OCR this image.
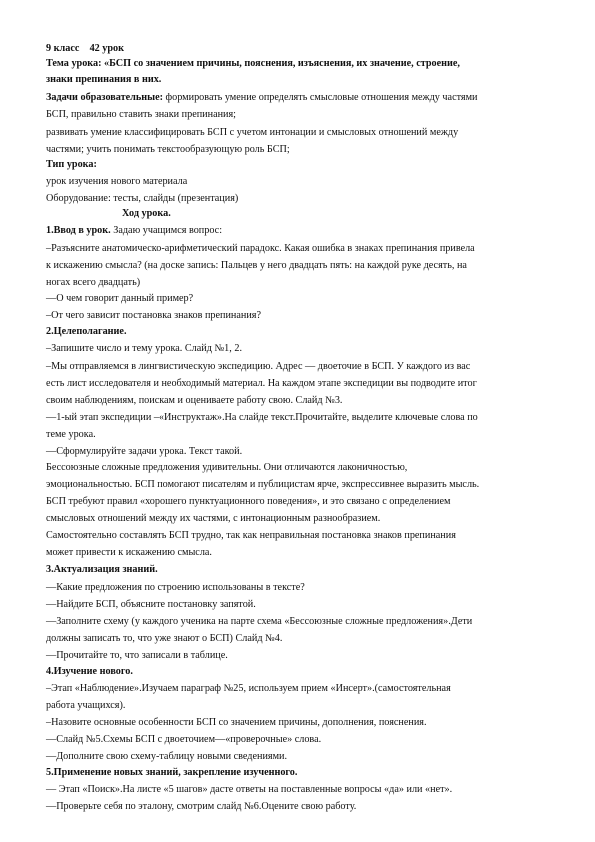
9 класс 42 урок
Тема урока: «БСП со значением причины, пояснения, изъяснения, их значение, строение,
знаки препинания в них.
Задачи образовательные: формировать умение определять смысловые отношения между частями
БСП, правильно ставить знаки препинания;
развивать умение классифицировать БСП с учетом интонации и смысловых отношений между
частями; учить понимать текстообразующую роль БСП;
Тип урока:
урок изучения нового материала
Оборудование: тесты, слайды (презентация)
Ход урока.
1.Ввод в урок. Задаю учащимся вопрос:
–Разъясните анатомическо-арифметический парадокс. Какая ошибка в знаках препинания привела
к искажению смысла? (на доске запись: Пальцев у него двадцать пять: на каждой руке десять, на
ногах всего двадцать)
—О чем говорит данный пример?
–От чего зависит постановка знаков препинания?
2.Целеполагание.
–Запишите число и тему урока. Слайд №1, 2.
–Мы отправляемся в лингвистическую экспедицию. Адрес — двоеточие в БСП. У каждого из вас
есть лист исследователя и необходимый материал. На каждом этапе экспедиции вы подводите итог
своим наблюдениям, поискам и оцениваете работу свою. Слайд №3.
—1-ый этап экспедиции –«Инструктаж».На слайде текст.Прочитайте, выделите ключевые слова по
теме урока.
—Сформулируйте задачи урока. Текст такой.
Бессоюзные сложные предложения удивительны. Они отличаются лаконичностью,
эмоциональностью. БСП помогают писателям и публицистам ярче, экспрессивнее выразить мысль.
БСП требуют правил «хорошего пунктуационного поведения», и это связано с определением
смысловых отношений между их частями, с интонационным разнообразием.
Самостоятельно составлять БСП трудно, так как неправильная постановка знаков препинания
может привести к искажению смысла.
3.Актуализация знаний.
—Какие предложения по строению использованы в тексте?
—Найдите БСП, объясните постановку запятой.
—Заполните схему (у каждого ученика на парте схема «Бессоюзные сложные предложения».Дети
должны записать то, что уже знают о БСП) Слайд №4.
—Прочитайте то, что записали в таблице.
4.Изучение нового.
–Этап «Наблюдение».Изучаем параграф №25, используем прием «Инсерт».(самостоятельная
работа учащихся).
–Назовите основные особенности БСП со значением причины, дополнения, пояснения.
—Слайд №5.Схемы БСП с двоеточием—«проверочные» слова.
—Дополните свою схему-таблицу новыми сведениями.
5.Применение новых знаний, закрепление изученного.
— Этап «Поиск».На листе «5 шагов» дасте ответы на поставленные вопросы «да» или «нет».
—Проверьте себя по эталону, смотрим слайд №6.Оцените свою работу.
